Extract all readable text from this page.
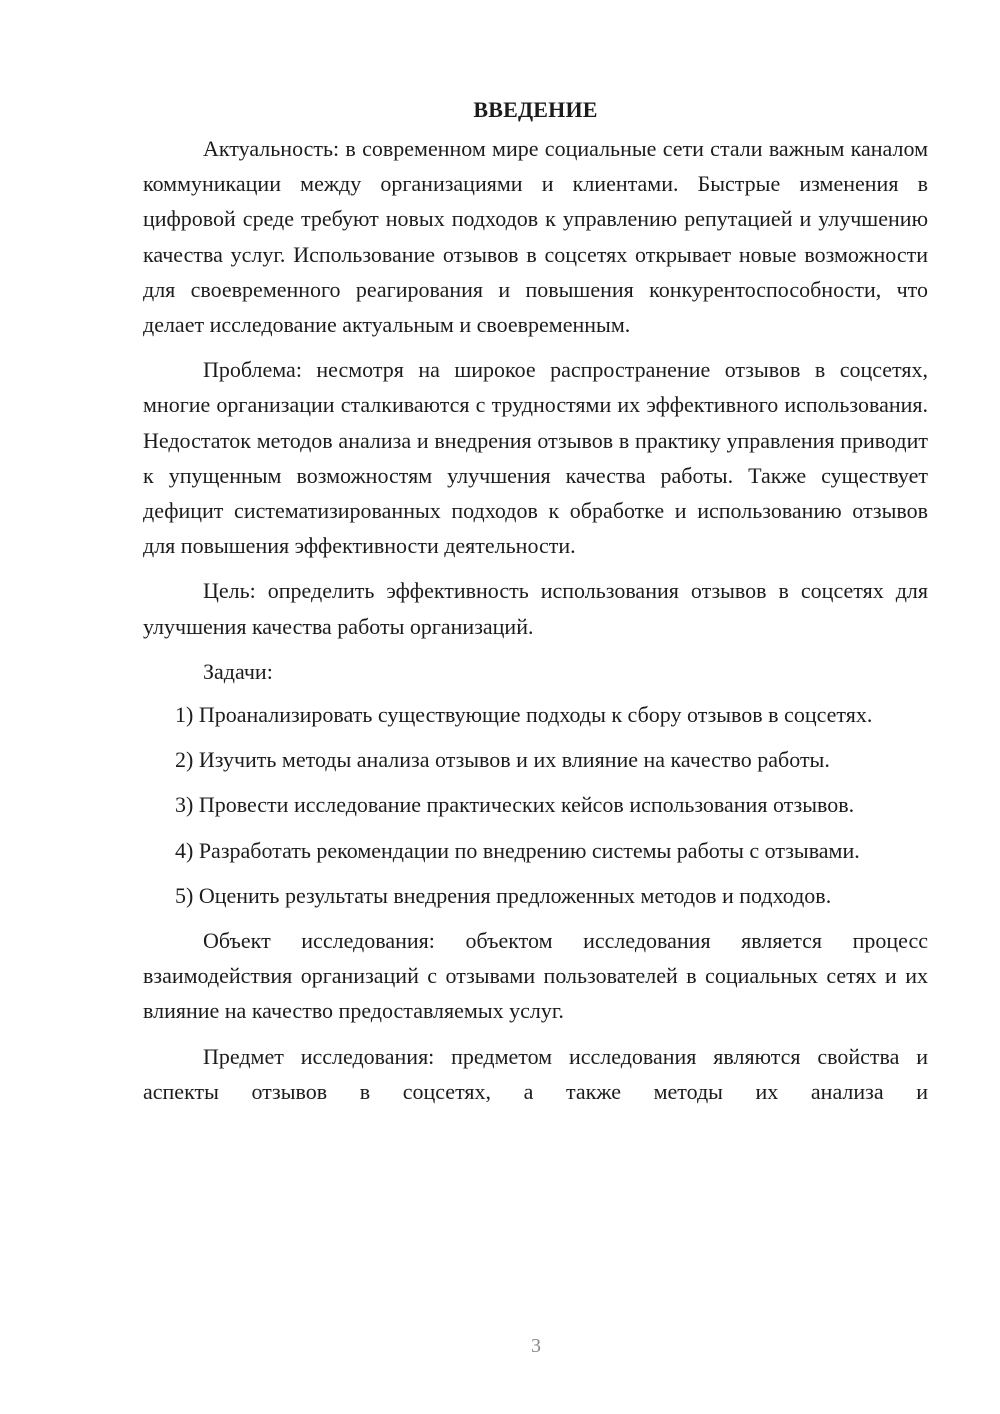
ВВЕДЕНИЕ

Актуальность: в современном мире социальные сети стали важным каналом коммуникации между организациями и клиентами. Быстрые изменения в цифровой среде требуют новых подходов к управлению репутацией и улучшению качества услуг. Использование отзывов в соцсетях открывает новые возможности для своевременного реагирования и повышения конкурентоспособности, что делает исследование актуальным и своевременным.

Проблема: несмотря на широкое распространение отзывов в соцсетях, многие организации сталкиваются с трудностями их эффективного использования. Недостаток методов анализа и внедрения отзывов в практику управления приводит к упущенным возможностям улучшения качества работы. Также существует дефицит систематизированных подходов к обработке и использованию отзывов для повышения эффективности деятельности.

Цель: определить эффективность использования отзывов в соцсетях для улучшения качества работы организаций.

Задачи:

1) Проанализировать существующие подходы к сбору отзывов в соцсетях.

2) Изучить методы анализа отзывов и их влияние на качество работы.

3) Провести исследование практических кейсов использования отзывов.

4) Разработать рекомендации по внедрению системы работы с отзывами.

5) Оценить результаты внедрения предложенных методов и подходов.

Объект исследования: объектом исследования является процесс взаимодействия организаций с отзывами пользователей в социальных сетях и их влияние на качество предоставляемых услуг.

Предмет исследования: предметом исследования являются свойства и аспекты отзывов в соцсетях, а также методы их анализа и

3
